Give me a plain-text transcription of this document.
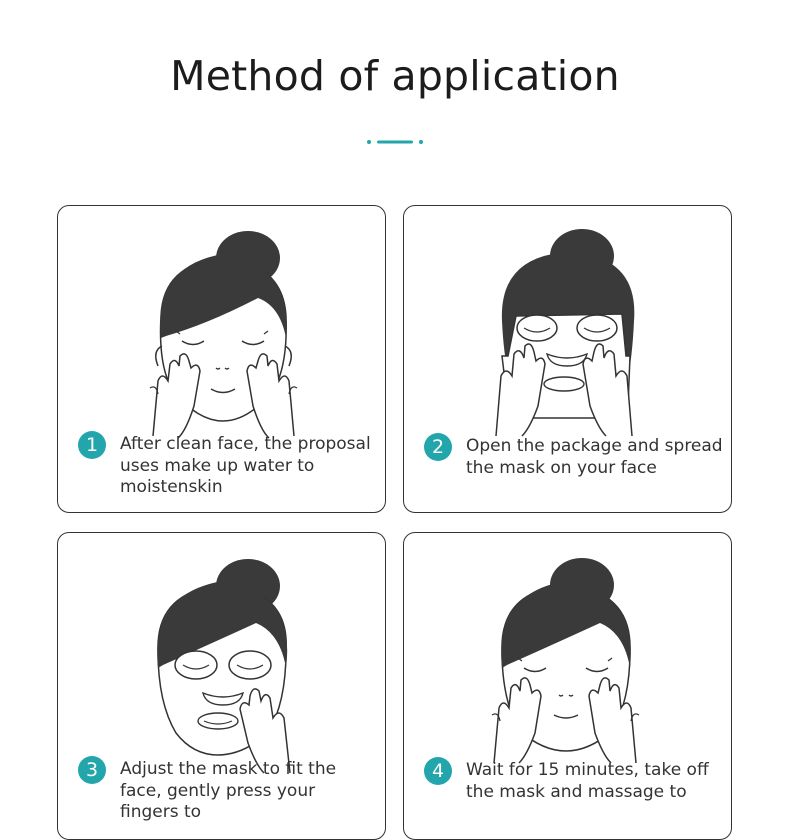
Method of application
1	After clean face, the proposal uses make up water to moistenskin
2	Open the package and spread the mask on your face
3	Adjust the mask to fit the face, gently press your fingers to
4	Wait for 15 minutes, take off the mask and massage to
